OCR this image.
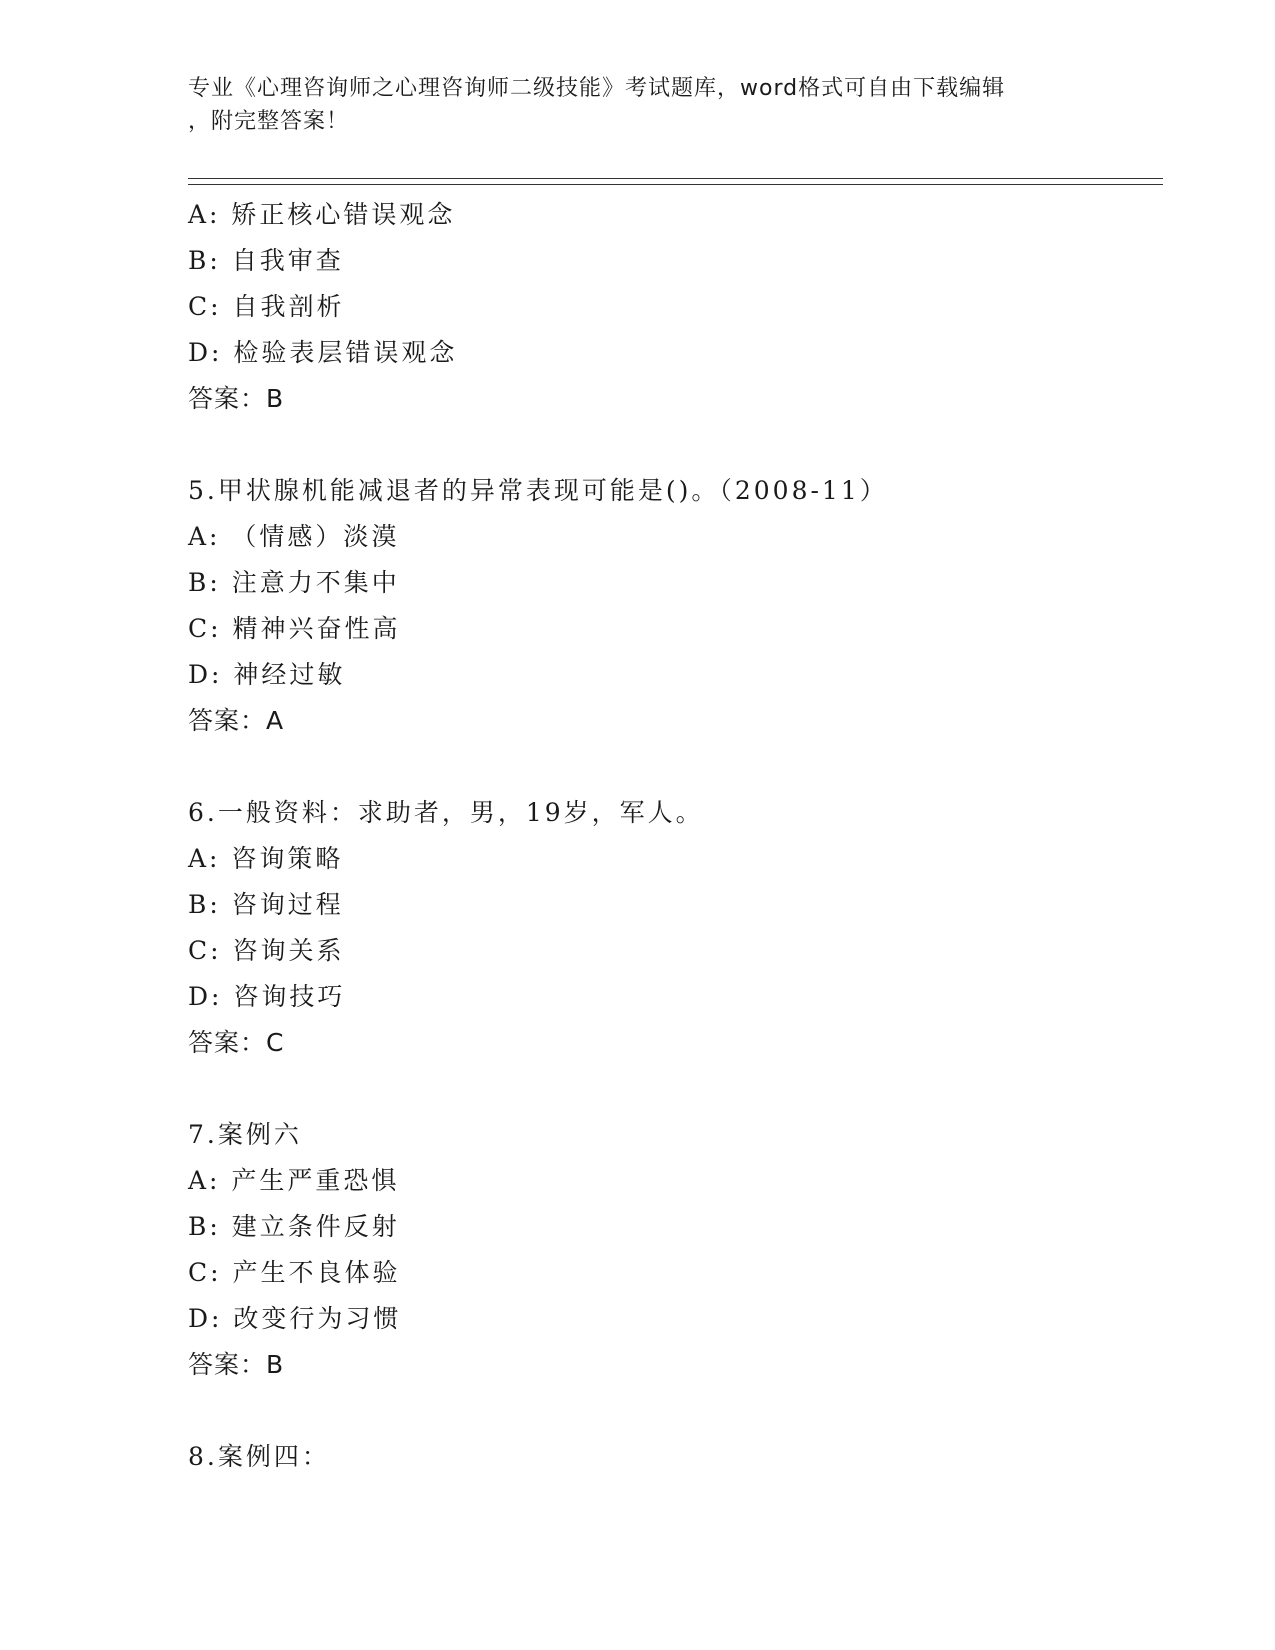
专业《心理咨询师之心理咨询师二级技能》考试题库，word格式可自由下载编辑
，附完整答案！
A: 矫正核心错误观念
B: 自我审查
C: 自我剖析
D: 检验表层错误观念
答案：B
5.甲状腺机能减退者的异常表现可能是()。（2008-11）
A: （情感）淡漠
B: 注意力不集中
C: 精神兴奋性高
D: 神经过敏
答案：A
6.一般资料：求助者，男，19岁，军人。
A: 咨询策略
B: 咨询过程
C: 咨询关系
D: 咨询技巧
答案：C
7.案例六
A: 产生严重恐惧
B: 建立条件反射
C: 产生不良体验
D: 改变行为习惯
答案：B
8.案例四：
